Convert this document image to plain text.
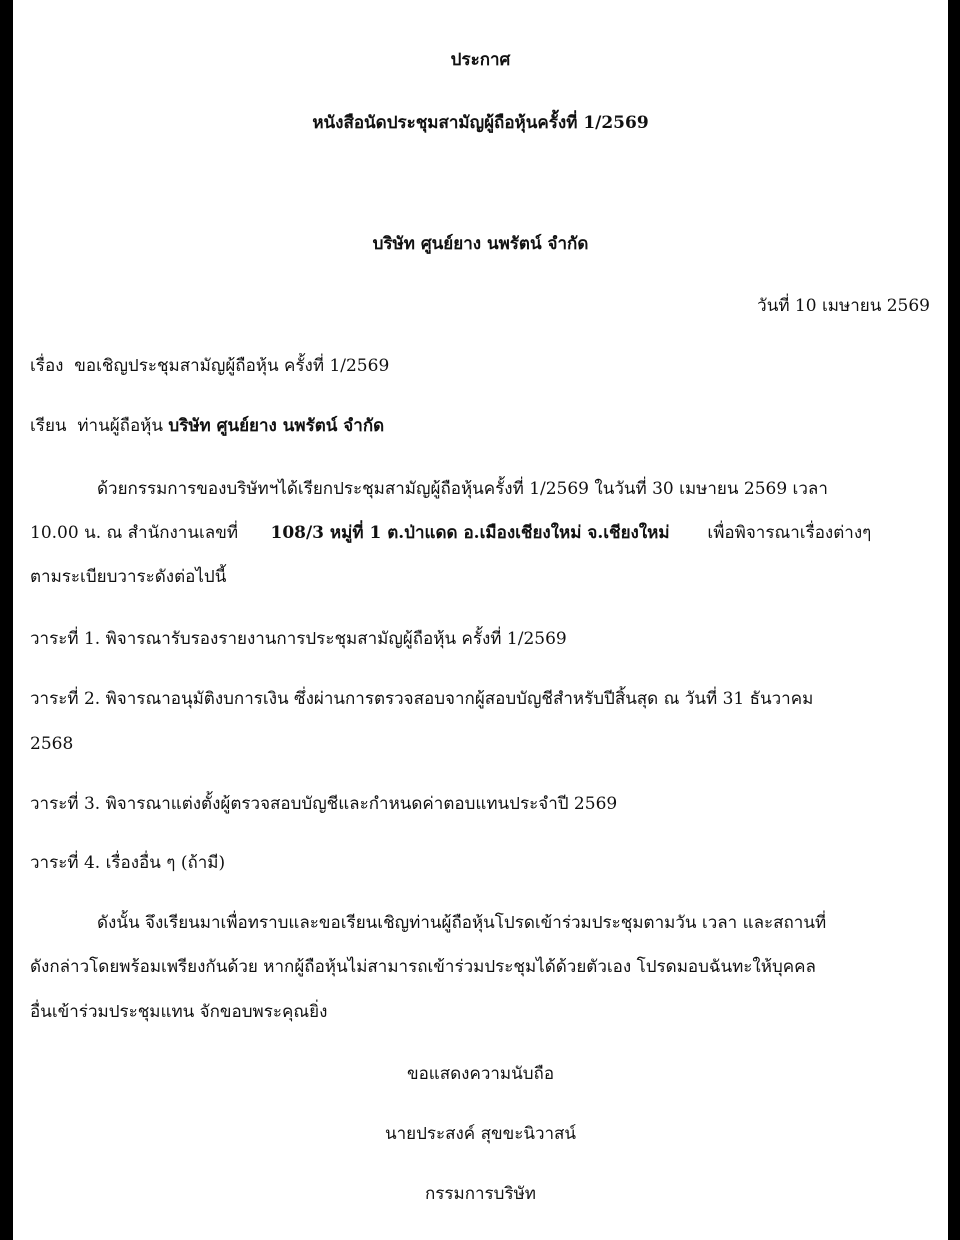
ประกาศ
หนังสือนัดประชุมสามัญผู้ถือหุ้นครั้งที่ 1/2569
บริษัท ศูนย์ยาง นพรัตน์ จำกัด
วันที่ 10 เมษายน 2569
เรื่อง ขอเชิญประชุมสามัญผู้ถือหุ้น ครั้งที่ 1/2569
เรียน ท่านผู้ถือหุ้น บริษัท ศูนย์ยาง นพรัตน์ จำกัด
ด้วยกรรมการของบริษัทฯได้เรียกประชุมสามัญผู้ถือหุ้นครั้งที่ 1/2569 ในวันที่ 30 เมษายน 2569 เวลา
10.00 น. ณ สำนักงานเลขที่ 108/3 หมู่ที่ 1 ต.ป่าแดด อ.เมืองเชียงใหม่ จ.เชียงใหม่ เพื่อพิจารณาเรื่องต่างๆ
ตามระเบียบวาระดังต่อไปนี้
วาระที่ 1. พิจารณารับรองรายงานการประชุมสามัญผู้ถือหุ้น ครั้งที่ 1/2569
วาระที่ 2. พิจารณาอนุมัติงบการเงิน ซึ่งผ่านการตรวจสอบจากผู้สอบบัญชีสำหรับปีสิ้นสุด ณ วันที่ 31 ธันวาคม
2568
วาระที่ 3. พิจารณาแต่งตั้งผู้ตรวจสอบบัญชีและกำหนดค่าตอบแทนประจำปี 2569
วาระที่ 4. เรื่องอื่น ๆ (ถ้ามี)
ดังนั้น จึงเรียนมาเพื่อทราบและขอเรียนเชิญท่านผู้ถือหุ้นโปรดเข้าร่วมประชุมตามวัน เวลา และสถานที่
ดังกล่าวโดยพร้อมเพรียงกันด้วย หากผู้ถือหุ้นไม่สามารถเข้าร่วมประชุมได้ด้วยตัวเอง โปรดมอบฉันทะให้บุคคล
อื่นเข้าร่วมประชุมแทน จักขอบพระคุณยิ่ง
ขอแสดงความนับถือ
นายประสงค์ สุขขะนิวาสน์
กรรมการบริษัท
